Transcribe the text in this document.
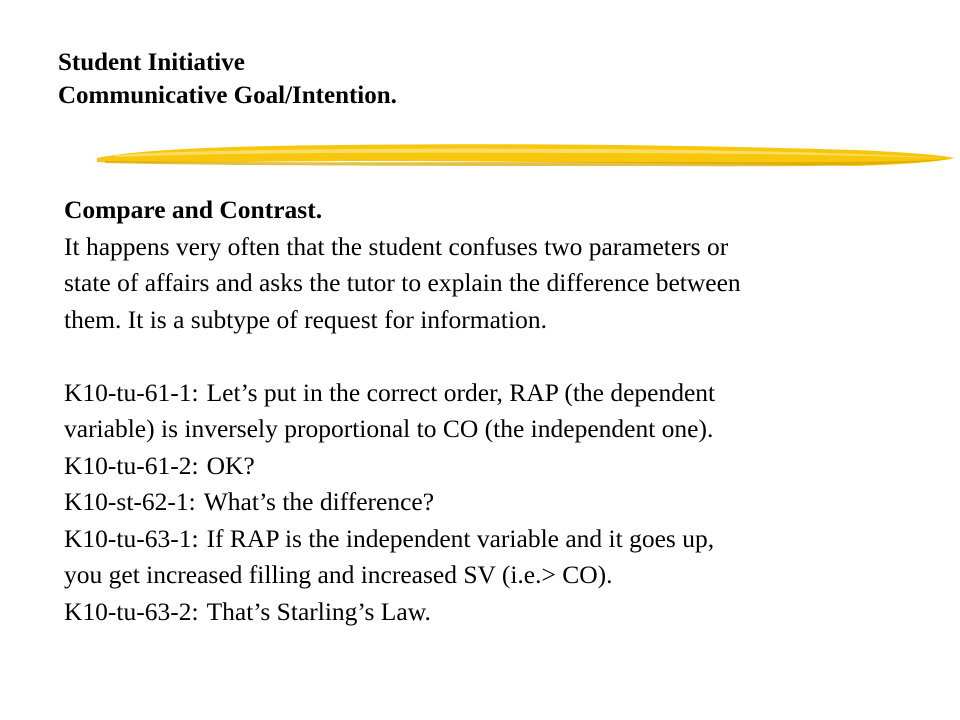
Student Initiative
Communicative Goal/Intention.
Compare and Contrast.
It happens very often that the student confuses two parameters or
state of affairs and asks the tutor to explain the difference between
them. It is a subtype of request for information.
K10-tu-61-1: Let’s put in the correct order, RAP (the dependent
variable) is inversely proportional to CO (the independent one).
K10-tu-61-2: OK?
K10-st-62-1: What’s the difference?
K10-tu-63-1: If RAP is the independent variable and it goes up,
you get increased filling and increased SV (i.e.> CO).
K10-tu-63-2: That’s Starling’s Law.
